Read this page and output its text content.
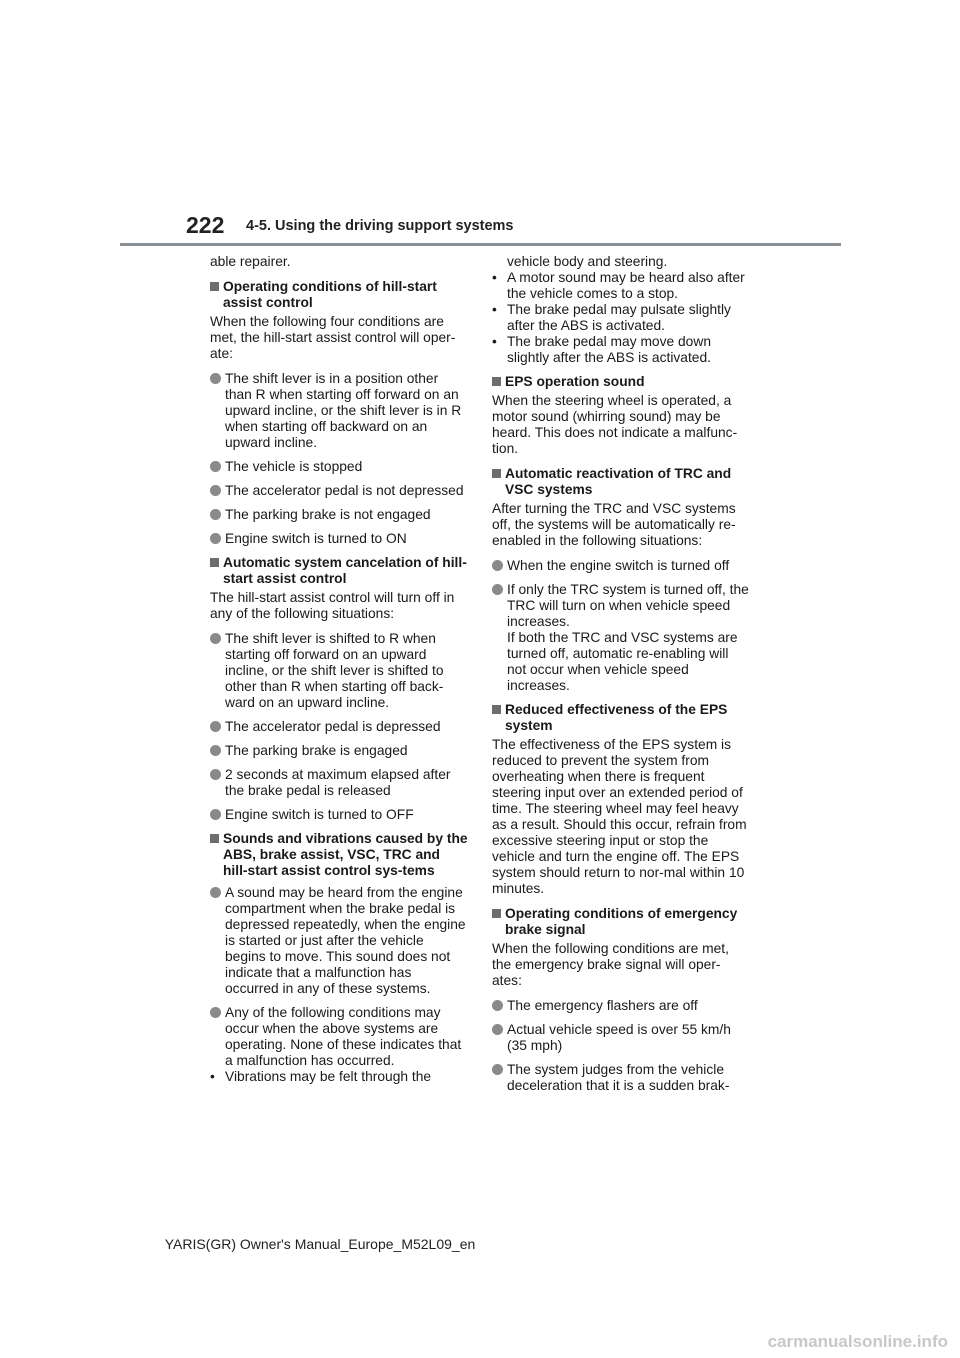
222 4-5. Using the driving support systems

able repairer.

Operating conditions of hill-start assist control

When the following four conditions are met, the hill-start assist control will oper-ate:

The shift lever is in a position other than R when starting off forward on an upward incline, or the shift lever is in R when starting off backward on an upward incline.
The vehicle is stopped
The accelerator pedal is not depressed
The parking brake is not engaged
Engine switch is turned to ON
Automatic system cancelation of hill-start assist control

The hill-start assist control will turn off in any of the following situations:

The shift lever is shifted to R when starting off forward on an upward incline, or the shift lever is shifted to other than R when starting off back-ward on an upward incline.
The accelerator pedal is depressed
The parking brake is engaged
2 seconds at maximum elapsed after the brake pedal is released
Engine switch is turned to OFF
Sounds and vibrations caused by the ABS, brake assist, VSC, TRC and hill-start assist control sys-tems
A sound may be heard from the engine compartment when the brake pedal is depressed repeatedly, when the engine is started or just after the vehicle begins to move. This sound does not indicate that a malfunction has occurred in any of these systems.
Any of the following conditions may occur when the above systems are operating. None of these indicates that a malfunction has occurred.
• Vibrations may be felt through the
vehicle body and steering.
• A motor sound may be heard also after the vehicle comes to a stop.
• The brake pedal may pulsate slightly after the ABS is activated.
• The brake pedal may move down slightly after the ABS is activated.
EPS operation sound

When the steering wheel is operated, a motor sound (whirring sound) may be heard. This does not indicate a malfunc-tion.

Automatic reactivation of TRC and VSC systems

After turning the TRC and VSC systems off, the systems will be automatically re-enabled in the following situations:

When the engine switch is turned off
If only the TRC system is turned off, the TRC will turn on when vehicle speed increases.
If both the TRC and VSC systems are turned off, automatic re-enabling will not occur when vehicle speed increases.
Reduced effectiveness of the EPS system

The effectiveness of the EPS system is reduced to prevent the system from overheating when there is frequent steering input over an extended period of time. The steering wheel may feel heavy as a result. Should this occur, refrain from excessive steering input or stop the vehicle and turn the engine off. The EPS system should return to nor-mal within 10 minutes.

Operating conditions of emergency brake signal

When the following conditions are met, the emergency brake signal will oper-ates:

The emergency flashers are off
Actual vehicle speed is over 55 km/h (35 mph)
The system judges from the vehicle deceleration that it is a sudden brak-
YARIS(GR) Owner's Manual_Europe_M52L09_en
carmanualsonline.info
